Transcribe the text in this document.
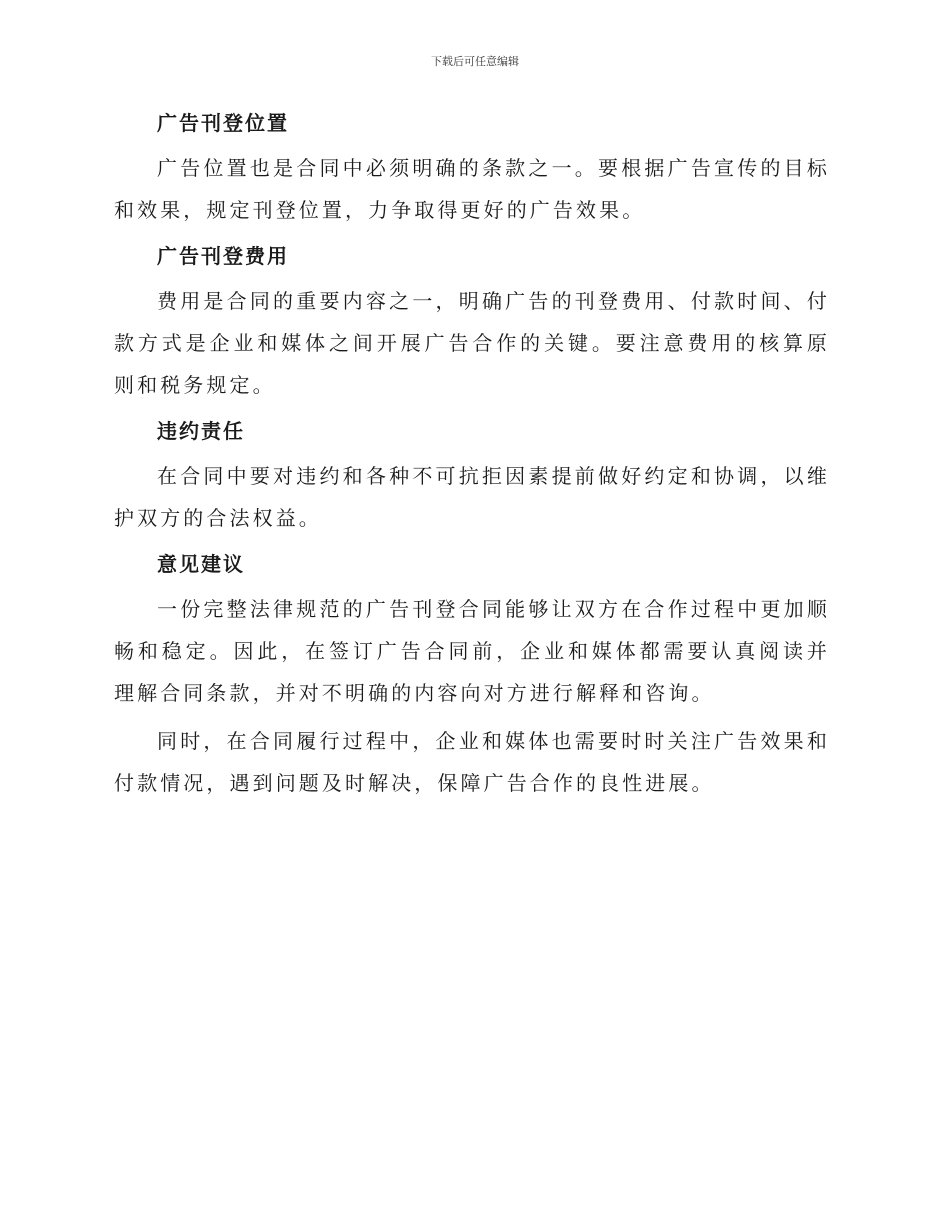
下载后可任意编辑
广告刊登位置

广告位置也是合同中必须明确的条款之一。要根据广告宣传的目标和效果，规定刊登位置，力争取得更好的广告效果。

广告刊登费用

费用是合同的重要内容之一，明确广告的刊登费用、付款时间、付款方式是企业和媒体之间开展广告合作的关键。要注意费用的核算原则和税务规定。

违约责任

在合同中要对违约和各种不可抗拒因素提前做好约定和协调，以维护双方的合法权益。

意见建议

一份完整法律规范的广告刊登合同能够让双方在合作过程中更加顺畅和稳定。因此，在签订广告合同前，企业和媒体都需要认真阅读并理解合同条款，并对不明确的内容向对方进行解释和咨询。

同时，在合同履行过程中，企业和媒体也需要时时关注广告效果和付款情况，遇到问题及时解决，保障广告合作的良性进展。
